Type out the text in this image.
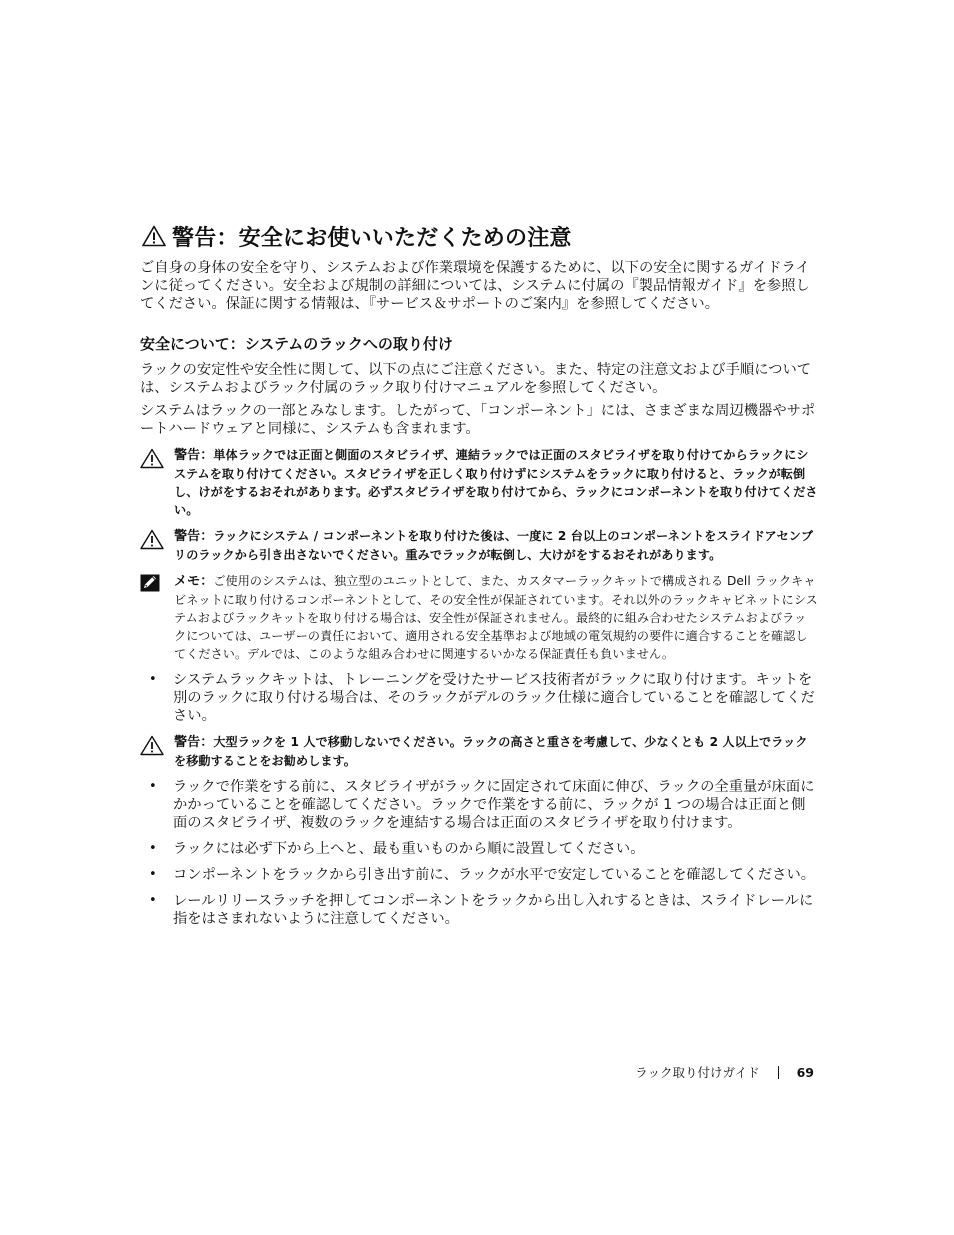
警告：安全にお使いいただくための注意

ご自身の身体の安全を守り、システムおよび作業環境を保護するために、以下の安全に関するガイドラインに従ってください。安全および規制の詳細については、システムに付属の『製品情報ガイド』を参照してください。保証に関する情報は、『サービス＆サポートのご案内』を参照してください。

安全について：システムのラックへの取り付け

ラックの安定性や安全性に関して、以下の点にご注意ください。また、特定の注意文および手順については、システムおよびラック付属のラック取り付けマニュアルを参照してください。

システムはラックの一部とみなします。したがって、「コンポーネント」には、さまざまな周辺機器やサポートハードウェアと同様に、システムも含まれます。

警告：単体ラックでは正面と側面のスタビライザ、連結ラックでは正面のスタビライザを取り付けてからラックにシステムを取り付けてください。スタビライザを正しく取り付けずにシステムをラックに取り付けると、ラックが転倒し、けがをするおそれがあります。必ずスタビライザを取り付けてから、ラックにコンポーネントを取り付けてください。
警告：ラックにシステム / コンポーネントを取り付けた後は、一度に 2 台以上のコンポーネントをスライドアセンブリのラックから引き出さないでください。重みでラックが転倒し、大けがをするおそれがあります。
メモ：ご使用のシステムは、独立型のユニットとして、また、カスタマーラックキットで構成される Dell ラックキャビネットに取り付けるコンポーネントとして、その安全性が保証されています。それ以外のラックキャビネットにシステムおよびラックキットを取り付ける場合は、安全性が保証されません。最終的に組み合わせたシステムおよびラックについては、ユーザーの責任において、適用される安全基準および地域の電気規約の要件に適合することを確認してください。デルでは、このような組み合わせに関連するいかなる保証責任も負いません。
• システムラックキットは、トレーニングを受けたサービス技術者がラックに取り付けます。キットを別のラックに取り付ける場合は、そのラックがデルのラック仕様に適合していることを確認してください。
警告：大型ラックを 1 人で移動しないでください。ラックの高さと重さを考慮して、少なくとも 2 人以上でラックを移動することをお勧めします。
• ラックで作業をする前に、スタビライザがラックに固定されて床面に伸び、ラックの全重量が床面にかかっていることを確認してください。ラックで作業をする前に、ラックが 1 つの場合は正面と側面のスタビライザ、複数のラックを連結する場合は正面のスタビライザを取り付けます。
• ラックには必ず下から上へと、最も重いものから順に設置してください。
• コンポーネントをラックから引き出す前に、ラックが水平で安定していることを確認してください。
• レールリリースラッチを押してコンポーネントをラックから出し入れするときは、スライドレールに指をはさまれないように注意してください。
ラック取り付けガイド	69
